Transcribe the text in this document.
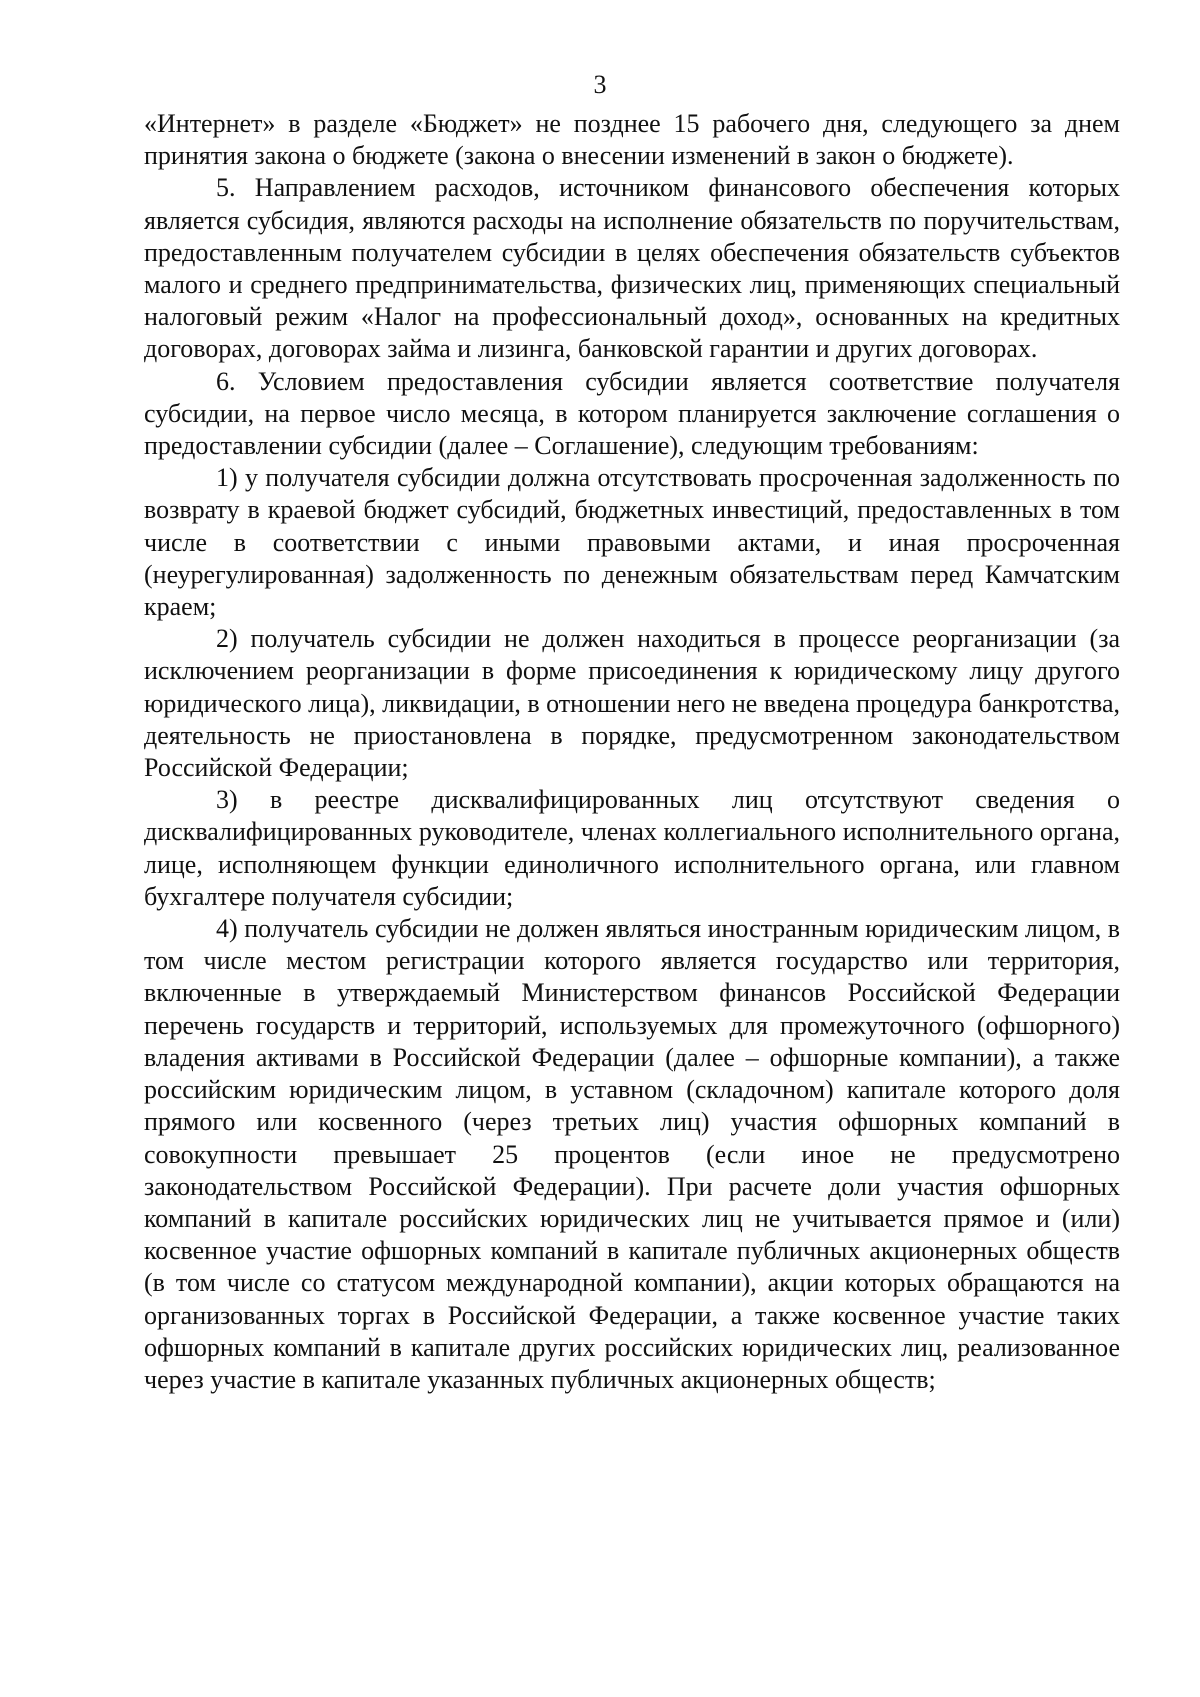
3

«Интернет» в разделе «Бюджет» не позднее 15 рабочего дня, следующего за днем принятия закона о бюджете (закона о внесении изменений в закон о бюджете).

5. Направлением расходов, источником финансового обеспечения которых является субсидия, являются расходы на исполнение обязательств по поручительствам, предоставленным получателем субсидии в целях обеспечения обязательств субъектов малого и среднего предпринимательства, физических лиц, применяющих специальный налоговый режим «Налог на профессиональный доход», основанных на кредитных договорах, договорах займа и лизинга, банковской гарантии и других договорах.

6. Условием предоставления субсидии является соответствие получателя субсидии, на первое число месяца, в котором планируется заключение соглашения о предоставлении субсидии (далее – Соглашение), следующим требованиям:

1) у получателя субсидии должна отсутствовать просроченная задолженность по возврату в краевой бюджет субсидий, бюджетных инвестиций, предоставленных в том числе в соответствии с иными правовыми актами, и иная просроченная (неурегулированная) задолженность по денежным обязательствам перед Камчатским краем;

2) получатель субсидии не должен находиться в процессе реорганизации (за исключением реорганизации в форме присоединения к юридическому лицу другого юридического лица), ликвидации, в отношении него не введена процедура банкротства, деятельность не приостановлена в порядке, предусмотренном законодательством Российской Федерации;

3) в реестре дисквалифицированных лиц отсутствуют сведения о дисквалифицированных руководителе, членах коллегиального исполнительного органа, лице, исполняющем функции единоличного исполнительного органа, или главном бухгалтере получателя субсидии;

4) получатель субсидии не должен являться иностранным юридическим лицом, в том числе местом регистрации которого является государство или территория, включенные в утверждаемый Министерством финансов Российской Федерации перечень государств и территорий, используемых для промежуточного (офшорного) владения активами в Российской Федерации (далее – офшорные компании), а также российским юридическим лицом, в уставном (складочном) капитале которого доля прямого или косвенного (через третьих лиц) участия офшорных компаний в совокупности превышает 25 процентов (если иное не предусмотрено законодательством Российской Федерации). При расчете доли участия офшорных компаний в капитале российских юридических лиц не учитывается прямое и (или) косвенное участие офшорных компаний в капитале публичных акционерных обществ (в том числе со статусом международной компании), акции которых обращаются на организованных торгах в Российской Федерации, а также косвенное участие таких офшорных компаний в капитале других российских юридических лиц, реализованное через участие в капитале указанных публичных акционерных обществ;
